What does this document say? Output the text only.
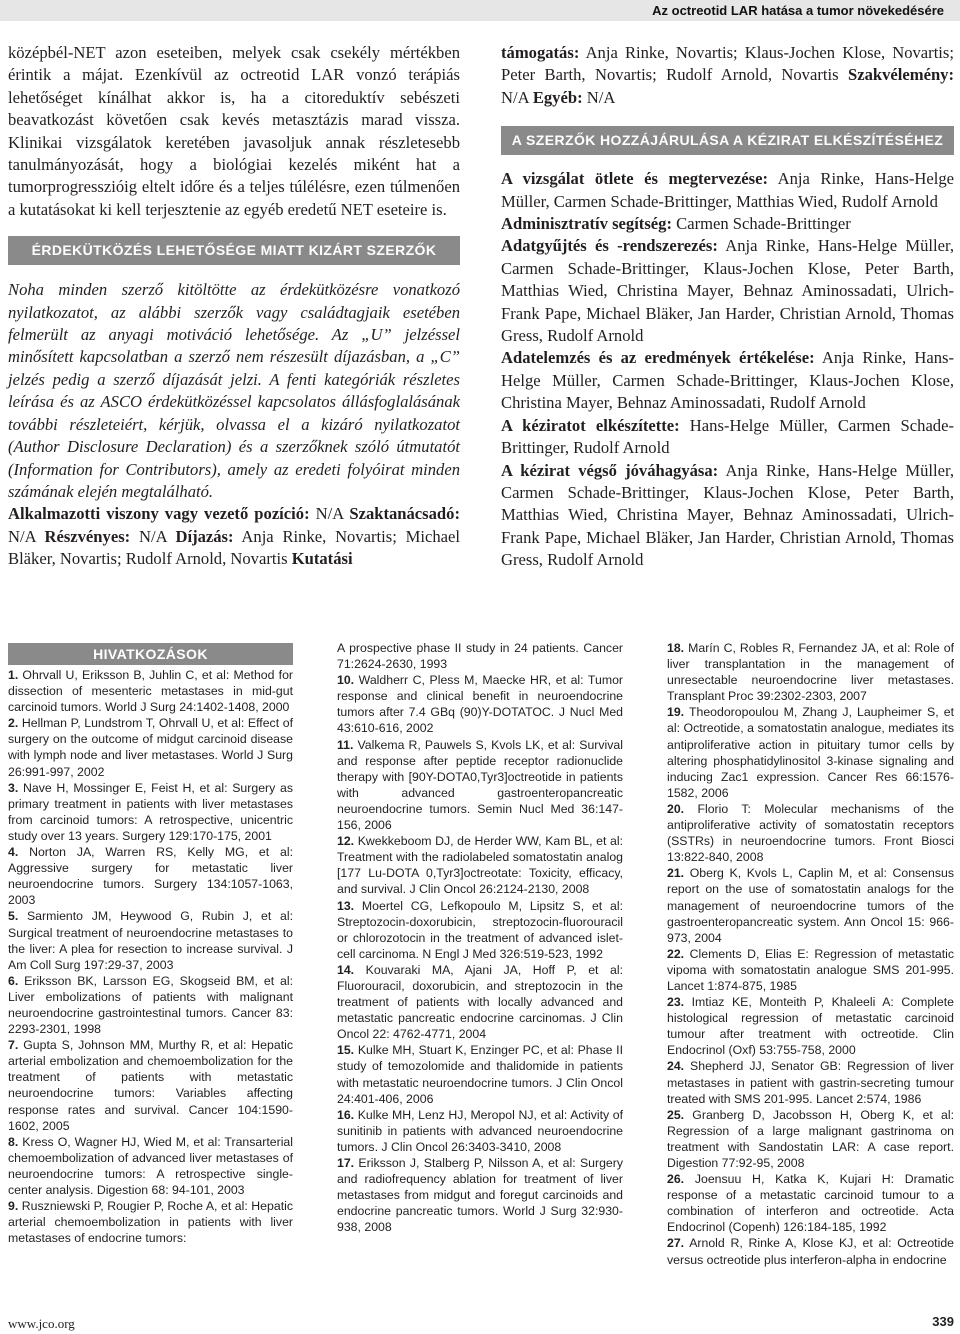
Az octreotid LAR hatása a tumor növekedésére

középbél-NET azon eseteiben, melyek csak csekély mértékben érintik a májat. Ezenkívül az octreotid LAR vonzó terápiás lehetőséget kínálhat akkor is, ha a citoreduktív sebészeti beavatkozást követően csak kevés metasztázis marad vissza. Klinikai vizsgálatok keretében javasoljuk annak részletesebb tanulmányozását, hogy a biológiai kezelés miként hat a tumorprogresszióig eltelt időre és a teljes túlélésre, ezen túlmenően a kutatásokat ki kell terjesztenie az egyéb eredetű NET eseteire is.

ÉRDEKÜTKÖZÉS LEHETŐSÉGE MIATT KIZÁRT SZERZŐK

Noha minden szerző kitöltötte az érdekütközésre vonatkozó nyilatkozatot, az alábbi szerzők vagy családtagjaik esetében felmerült az anyagi motiváció lehetősége. Az „U” jelzéssel minősített kapcsolatban a szerző nem részesült díjazásban, a „C” jelzés pedig a szerző díjazását jelzi. A fenti kategóriák részletes leírása és az ASCO érdekütközéssel kapcsolatos állásfoglalásának további részleteiért, kérjük, olvassa el a kizáró nyilatkozatot (Author Disclosure Declaration) és a szerzőknek szóló útmutatót (Information for Contributors), amely az eredeti folyóirat minden számának elején megtalálható.

Alkalmazotti viszony vagy vezető pozíció: N/A Szaktanácsadó: N/A Részvényes: N/A Díjazás: Anja Rinke, Novartis; Michael Bläker, Novartis; Rudolf Arnold, Novartis Kutatási

támogatás: Anja Rinke, Novartis; Klaus-Jochen Klose, Novartis; Peter Barth, Novartis; Rudolf Arnold, Novartis Szakvélemény: N/A Egyéb: N/A

A SZERZŐK HOZZÁJÁRULÁSA A KÉZIRAT ELKÉSZÍTÉSÉHEZ

A vizsgálat ötlete és megtervezése: Anja Rinke, Hans-Helge Müller, Carmen Schade-Brittinger, Matthias Wied, Rudolf Arnold

Adminisztratív segítség: Carmen Schade-Brittinger

Adatgyűjtés és -rendszerezés: Anja Rinke, Hans-Helge Müller, Carmen Schade-Brittinger, Klaus-Jochen Klose, Peter Barth, Matthias Wied, Christina Mayer, Behnaz Aminossadati, Ulrich-Frank Pape, Michael Bläker, Jan Harder, Christian Arnold, Thomas Gress, Rudolf Arnold

Adatelemzés és az eredmények értékelése: Anja Rinke, Hans-Helge Müller, Carmen Schade-Brittinger, Klaus-Jochen Klose, Christina Mayer, Behnaz Aminossadati, Rudolf Arnold

A kéziratot elkészítette: Hans-Helge Müller, Carmen Schade-Brittinger, Rudolf Arnold

A kézirat végső jóváhagyása: Anja Rinke, Hans-Helge Müller, Carmen Schade-Brittinger, Klaus-Jochen Klose, Peter Barth, Matthias Wied, Christina Mayer, Behnaz Aminossadati, Ulrich-Frank Pape, Michael Bläker, Jan Harder, Christian Arnold, Thomas Gress, Rudolf Arnold

HIVATKOZÁSOK

1. Ohrvall U, Eriksson B, Juhlin C, et al: Method for dissection of mesenteric metastases in mid-gut carcinoid tumors. World J Surg 24:1402-1408, 2000

2. Hellman P, Lundstrom T, Ohrvall U, et al: Effect of surgery on the outcome of midgut carcinoid disease with lymph node and liver metastases. World J Surg 26:991-997, 2002

3. Nave H, Mossinger E, Feist H, et al: Surgery as primary treatment in patients with liver metastases from carcinoid tumors: A retrospective, unicentric study over 13 years. Surgery 129:170-175, 2001

4. Norton JA, Warren RS, Kelly MG, et al: Aggressive surgery for metastatic liver neuroendocrine tumors. Surgery 134:1057-1063, 2003

5. Sarmiento JM, Heywood G, Rubin J, et al: Surgical treatment of neuroendocrine metastases to the liver: A plea for resection to increase survival. J Am Coll Surg 197:29-37, 2003

6. Eriksson BK, Larsson EG, Skogseid BM, et al: Liver embolizations of patients with malignant neuroendocrine gastrointestinal tumors. Cancer 83: 2293-2301, 1998

7. Gupta S, Johnson MM, Murthy R, et al: Hepatic arterial embolization and chemoembolization for the treatment of patients with metastatic neuroendocrine tumors: Variables affecting response rates and survival. Cancer 104:1590-1602, 2005

8. Kress O, Wagner HJ, Wied M, et al: Transarterial chemoembolization of advanced liver metastases of neuroendocrine tumors: A retrospective single-center analysis. Digestion 68: 94-101, 2003

9. Ruszniewski P, Rougier P, Roche A, et al: Hepatic arterial chemoembolization in patients with liver metastases of endocrine tumors:

A prospective phase II study in 24 patients. Cancer 71:2624-2630, 1993

10. Waldherr C, Pless M, Maecke HR, et al: Tumor response and clinical benefit in neuroendocrine tumors after 7.4 GBq (90)Y-DOTATOC. J Nucl Med 43:610-616, 2002

11. Valkema R, Pauwels S, Kvols LK, et al: Survival and response after peptide receptor radionuclide therapy with [90Y-DOTA0,Tyr3]octreotide in patients with advanced gastroenteropancreatic neuroendocrine tumors. Semin Nucl Med 36:147-156, 2006

12. Kwekkeboom DJ, de Herder WW, Kam BL, et al: Treatment with the radiolabeled somatostatin analog [177 Lu-DOTA 0,Tyr3]octreotate: Toxicity, efficacy, and survival. J Clin Oncol 26:2124-2130, 2008

13. Moertel CG, Lefkopoulo M, Lipsitz S, et al: Streptozocin-doxorubicin, streptozocin-fluorouracil or chlorozotocin in the treatment of advanced islet-cell carcinoma. N Engl J Med 326:519-523, 1992

14. Kouvaraki MA, Ajani JA, Hoff P, et al: Fluorouracil, doxorubicin, and streptozocin in the treatment of patients with locally advanced and metastatic pancreatic endocrine carcinomas. J Clin Oncol 22: 4762-4771, 2004

15. Kulke MH, Stuart K, Enzinger PC, et al: Phase II study of temozolomide and thalidomide in patients with metastatic neuroendocrine tumors. J Clin Oncol 24:401-406, 2006

16. Kulke MH, Lenz HJ, Meropol NJ, et al: Activity of sunitinib in patients with advanced neuroendocrine tumors. J Clin Oncol 26:3403-3410, 2008

17. Eriksson J, Stalberg P, Nilsson A, et al: Surgery and radiofrequency ablation for treatment of liver metastases from midgut and foregut carcinoids and endocrine pancreatic tumors. World J Surg 32:930-938, 2008

18. Marín C, Robles R, Fernandez JA, et al: Role of liver transplantation in the management of unresectable neuroendocrine liver metastases. Transplant Proc 39:2302-2303, 2007

19. Theodoropoulou M, Zhang J, Laupheimer S, et al: Octreotide, a somatostatin analogue, mediates its antiproliferative action in pituitary tumor cells by altering phosphatidylinositol 3-kinase signaling and inducing Zac1 expression. Cancer Res 66:1576-1582, 2006

20. Florio T: Molecular mechanisms of the antiproliferative activity of somatostatin receptors (SSTRs) in neuroendocrine tumors. Front Biosci 13:822-840, 2008

21. Oberg K, Kvols L, Caplin M, et al: Consensus report on the use of somatostatin analogs for the management of neuroendocrine tumors of the gastroenteropancreatic system. Ann Oncol 15: 966-973, 2004

22. Clements D, Elias E: Regression of metastatic vipoma with somatostatin analogue SMS 201-995. Lancet 1:874-875, 1985

23. Imtiaz KE, Monteith P, Khaleeli A: Complete histological regression of metastatic carcinoid tumour after treatment with octreotide. Clin Endocrinol (Oxf) 53:755-758, 2000

24. Shepherd JJ, Senator GB: Regression of liver metastases in patient with gastrin-secreting tumour treated with SMS 201-995. Lancet 2:574, 1986

25. Granberg D, Jacobsson H, Oberg K, et al: Regression of a large malignant gastrinoma on treatment with Sandostatin LAR: A case report. Digestion 77:92-95, 2008

26. Joensuu H, Katka K, Kujari H: Dramatic response of a metastatic carcinoid tumour to a combination of interferon and octreotide. Acta Endocrinol (Copenh) 126:184-185, 1992

27. Arnold R, Rinke A, Klose KJ, et al: Octreotide versus octreotide plus interferon-alpha in endocrine

www.jco.org	339
